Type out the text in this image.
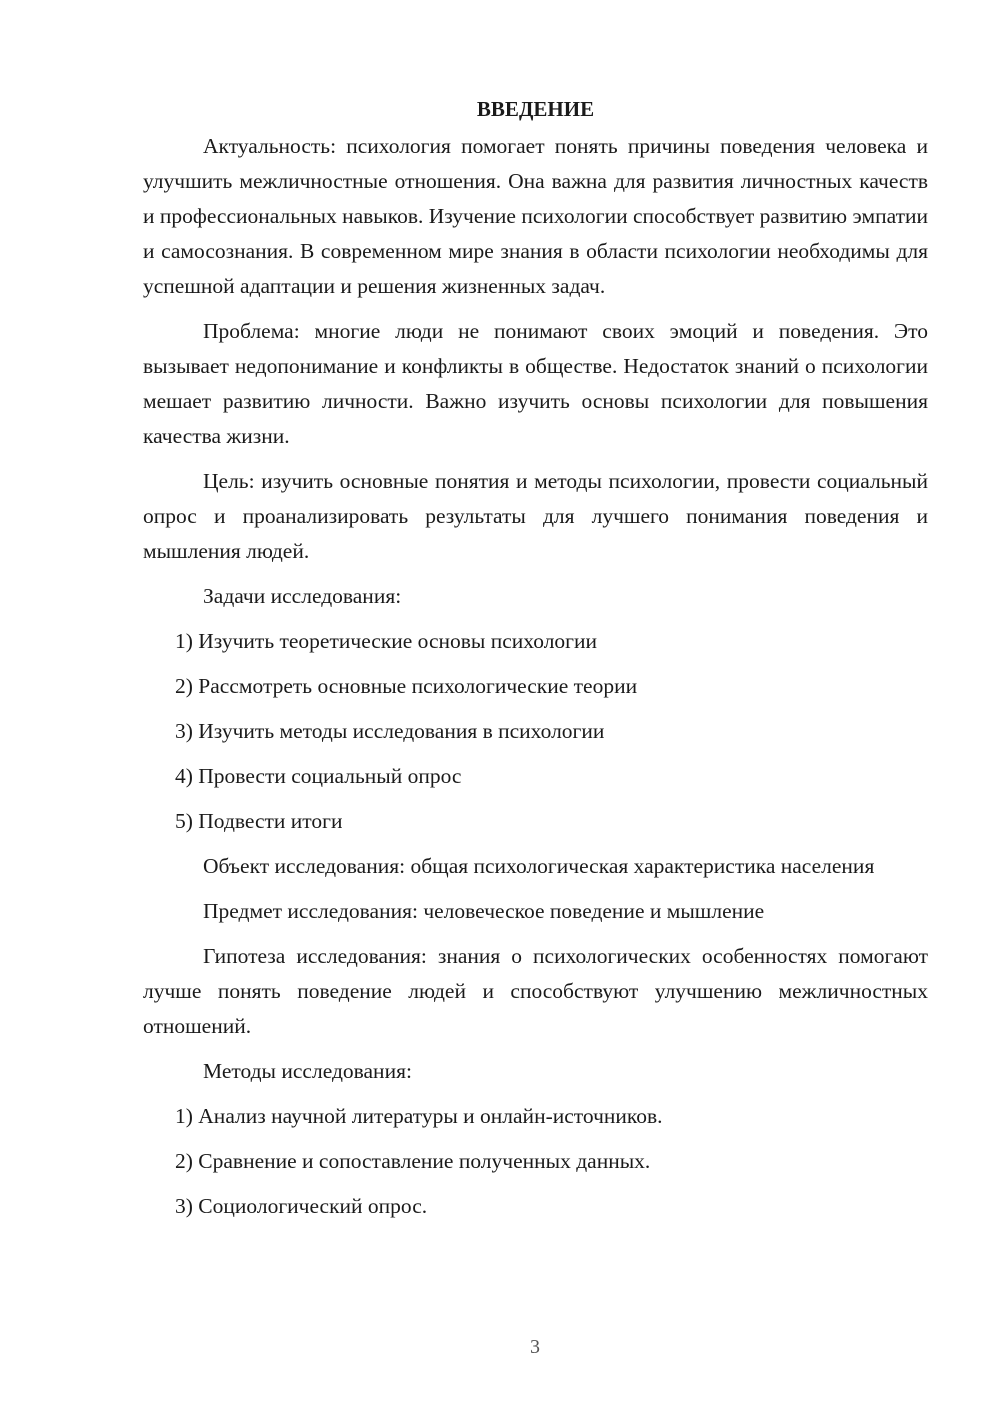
ВВЕДЕНИЕ

Актуальность: психология помогает понять причины поведения человека и улучшить межличностные отношения. Она важна для развития личностных качеств и профессиональных навыков. Изучение психологии способствует развитию эмпатии и самосознания. В современном мире знания в области психологии необходимы для успешной адаптации и решения жизненных задач.

Проблема: многие люди не понимают своих эмоций и поведения. Это вызывает недопонимание и конфликты в обществе. Недостаток знаний о психологии мешает развитию личности. Важно изучить основы психологии для повышения качества жизни.

Цель: изучить основные понятия и методы психологии, провести социальный опрос и проанализировать результаты для лучшего понимания поведения и мышления людей.

Задачи исследования:

1) Изучить теоретические основы психологии

2) Рассмотреть основные психологические теории

3) Изучить методы исследования в психологии

4) Провести социальный опрос

5) Подвести итоги

Объект исследования: общая психологическая характеристика населения

Предмет исследования: человеческое поведение и мышление

Гипотеза исследования: знания о психологических особенностях помогают лучше понять поведение людей и способствуют улучшению межличностных отношений.

Методы исследования:

1) Анализ научной литературы и онлайн-источников.

2) Сравнение и сопоставление полученных данных.

3) Социологический опрос.

3
